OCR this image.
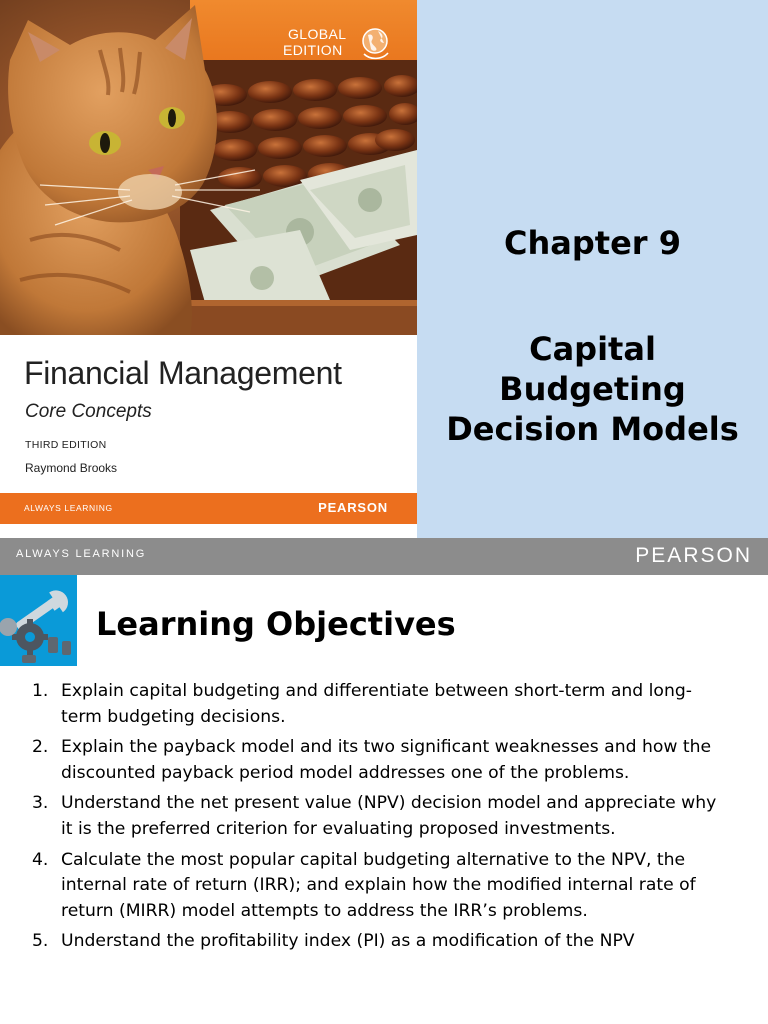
GLOBAL
EDITION
Financial Management
Core Concepts
THIRD EDITION
Raymond Brooks
ALWAYS LEARNING	PEARSON
Chapter 9
Capital
Budgeting
Decision Models
ALWAYS LEARNING	PEARSON
Learning Objectives
1. Explain capital budgeting and differentiate between short-term and long-term budgeting decisions.
2. Explain the payback model and its two significant weaknesses and how the discounted payback period model addresses one of the problems.
3. Understand the net present value (NPV) decision model and appreciate why it is the preferred criterion for evaluating proposed investments.
4. Calculate the most popular capital budgeting alternative to the NPV, the internal rate of return (IRR); and explain how the modified internal rate of return (MIRR) model attempts to address the IRR’s problems.
5. Understand the profitability index (PI) as a modification of the NPV
